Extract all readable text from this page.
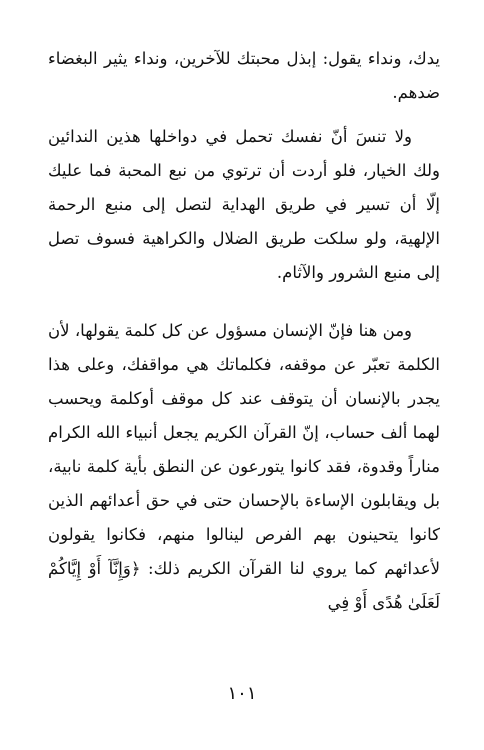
يدك، ونداء يقول: إبذل محبتك للآخرين، ونداء يثير البغضاء ضدهم.

ولا تنسَ أنّ نفسك تحمل في دواخلها هذين الندائين ولك الخيار، فلو أردت أن ترتوي من نبع المحبة فما عليك إلّا أن تسير في طريق الهداية لتصل إلى منبع الرحمة الإلهية، ولو سلكت طريق الضلال والكراهية فسوف تصل إلى منبع الشرور والآثام.

ومن هنا فإنّ الإنسان مسؤول عن كل كلمة يقولها، لأن الكلمة تعبّر عن موقفه، فكلماتك هي مواقفك، وعلى هذا يجدر بالإنسان أن يتوقف عند كل موقف أوكلمة ويحسب لهما ألف حساب، إنّ القرآن الكريم يجعل أنبياء الله الكرام مناراً وقدوة، فقد كانوا يتورعون عن النطق بأية كلمة نابية، بل ويقابلون الإساءة بالإحسان حتى في حق أعدائهم الذين كانوا يتحينون بهم الفرص لينالوا منهم، فكانوا يقولون لأعدائهم كما يروي لنا القرآن الكريم ذلك: ﴿وَإِنَّآ أَوْ إِيَّاكُمْ لَعَلَىٰ هُدًى أَوْ فِي

١٠١
